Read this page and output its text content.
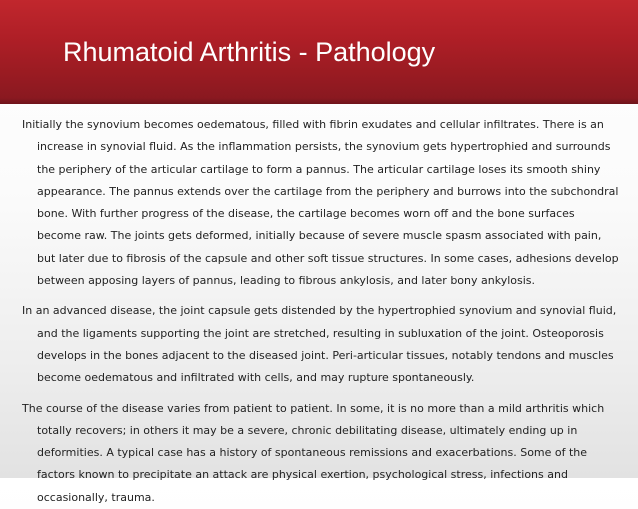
Rhumatoid Arthritis - Pathology

Initially the synovium becomes oedematous, filled with fibrin exudates and cellular infiltrates. There is an increase in synovial fluid. As the inflammation persists, the synovium gets hypertrophied and surrounds the periphery of the articular cartilage to form a pannus. The articular cartilage loses its smooth shiny appearance. The pannus extends over the cartilage from the periphery and burrows into the subchondral bone. With further progress of the disease, the cartilage becomes worn off and the bone surfaces become raw. The joints gets deformed, initially because of severe muscle spasm associated with pain, but later due to fibrosis of the capsule and other soft tissue structures. In some cases, adhesions develop between apposing layers of pannus, leading to fibrous ankylosis, and later bony ankylosis.

In an advanced disease, the joint capsule gets distended by the hypertrophied synovium and synovial fluid, and the ligaments supporting the joint are stretched, resulting in subluxation of the joint. Osteoporosis develops in the bones adjacent to the diseased joint. Peri-articular tissues, notably tendons and muscles become oedematous and infiltrated with cells, and may rupture spontaneously.

The course of the disease varies from patient to patient. In some, it is no more than a mild arthritis which totally recovers; in others it may be a severe, chronic debilitating disease, ultimately ending up in deformities. A typical case has a history of spontaneous remissions and exacerbations. Some of the factors known to precipitate an attack are physical exertion, psychological stress, infections and occasionally, trauma.
